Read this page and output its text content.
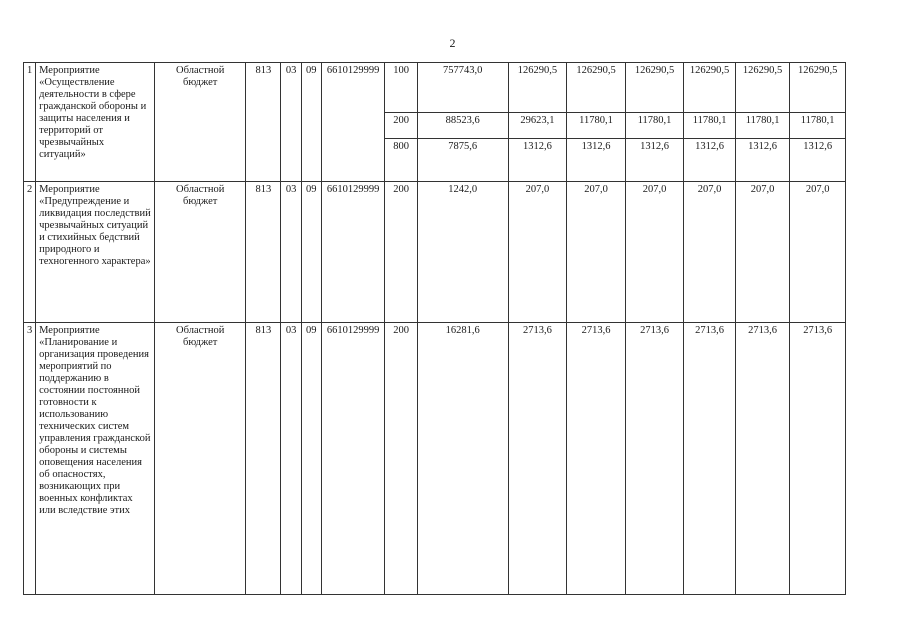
2
1	Мероприятие «Осуществление деятельности в сфере гражданской обороны и защиты населения и территорий от чрезвычайных ситуаций»	Областной бюджет	813	03	09	6610129999	100	757743,0	126290,5	126290,5	126290,5	126290,5	126290,5	126290,5
							200	88523,6	29623,1	11780,1	11780,1	11780,1	11780,1	11780,1
							800	7875,6	1312,6	1312,6	1312,6	1312,6	1312,6	1312,6
2	Мероприятие «Предупреждение и ликвидация последствий чрезвычайных ситуаций и стихийных бедствий природного и техногенного характера»	Областной бюджет	813	03	09	6610129999	200	1242,0	207,0	207,0	207,0	207,0	207,0	207,0
3	Мероприятие «Планирование и организация проведения мероприятий по поддержанию в состоянии постоянной готовности к использованию технических систем управления гражданской обороны и системы оповещения населения об опасностях, возникающих при военных конфликтах или вследствие этих	Областной бюджет	813	03	09	6610129999	200	16281,6	2713,6	2713,6	2713,6	2713,6	2713,6	2713,6
